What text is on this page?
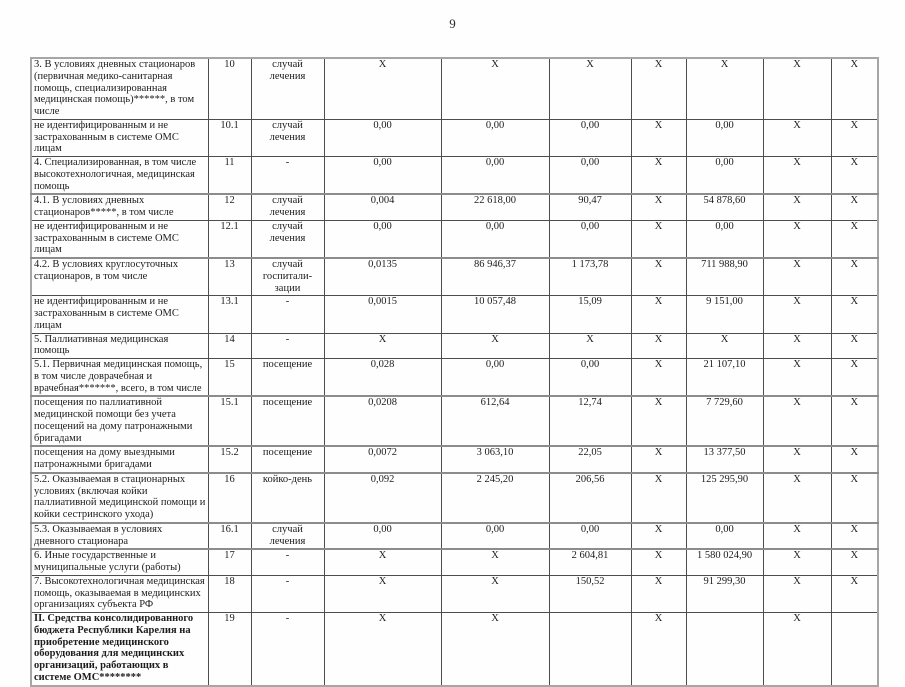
9
3. В условиях дневных стационаров (первичная медико-санитарная помощь, специализированная медицинская помощь)******, в том числе	10	случай лечения	X	X	X	X	X	X	X
не идентифицированным и не застрахованным в системе ОМС лицам	10.1	случай лечения	0,00	0,00	0,00	X	0,00	X	X
4. Специализированная, в том числе высокотехнологичная, медицинская помощь	11	-	0,00	0,00	0,00	X	0,00	X	X
4.1. В условиях дневных стационаров*****, в том числе	12	случай лечения	0,004	22 618,00	90,47	X	54 878,60	X	X
не идентифицированным и не застрахованным в системе ОМС лицам	12.1	случай лечения	0,00	0,00	0,00	X	0,00	X	X
4.2. В условиях круглосуточных стационаров, в том числе	13	случай госпитали-зации	0,0135	86 946,37	1 173,78	X	711 988,90	X	X
не идентифицированным и не застрахованным в системе ОМС лицам	13.1	-	0,0015	10 057,48	15,09	X	9 151,00	X	X
5. Паллиативная медицинская помощь	14	-	X	X	X	X	X	X	X
5.1. Первичная медицинская помощь, в том числе доврачебная и врачебная*******, всего, в том числе	15	посещение	0,028	0,00	0,00	X	21 107,10	X	X
посещения по паллиативной медицинской помощи без учета посещений на дому патронажными бригадами	15.1	посещение	0,0208	612,64	12,74	X	7 729,60	X	X
посещения на дому выездными патронажными бригадами	15.2	посещение	0,0072	3 063,10	22,05	X	13 377,50	X	X
5.2. Оказываемая в стационарных условиях (включая койки паллиативной медицинской помощи и койки сестринского ухода)	16	койко-день	0,092	2 245,20	206,56	X	125 295,90	X	X
5.3. Оказываемая в условиях дневного стационара	16.1	случай лечения	0,00	0,00	0,00	X	0,00	X	X
6. Иные государственные и муниципальные услуги (работы)	17	-	X	X	2 604,81	X	1 580 024,90	X	X
7. Высокотехнологичная медицинская помощь, оказываемая в медицинских организациях субъекта РФ	18	-	X	X	150,52	X	91 299,30	X	X
II. Средства консолидированного бюджета Республики Карелия на приобретение медицинского оборудования для медицинских организаций, работающих в системе ОМС********	19	-	X	X		X		X	
